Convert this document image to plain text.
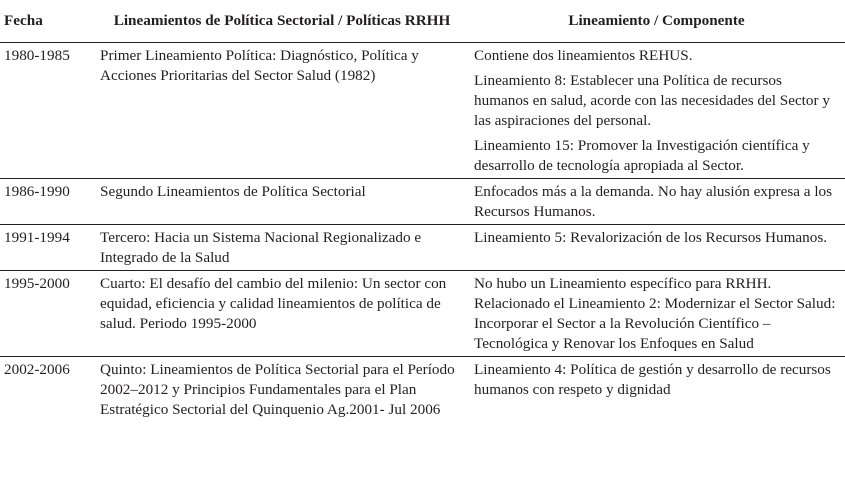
Fecha	Lineamientos de Política Sectorial / Políticas RRHH	Lineamiento / Componente
1980-1985	Primer Lineamiento Política: Diagnóstico, Política y Acciones Prioritarias del Sector Salud (1982)	Contiene dos lineamientos REHUS.
Lineamiento 8: Establecer una Política de recursos humanos en salud, acorde con las necesidades del Sector y las aspiraciones del personal.
Lineamiento 15: Promover la Investigación científica y desarrollo de tecnología apropiada al Sector.

1986-1990	Segundo Lineamientos de Política Sectorial	Enfocados más a la demanda. No hay alusión expresa a los Recursos Humanos.

1991-1994	Tercero: Hacia un Sistema Nacional Regionalizado e Integrado de la Salud	Lineamiento 5: Revalorización de los Recursos Humanos.

1995-2000	Cuarto: El desafío del cambio del milenio: Un sector con equidad, eficiencia y calidad lineamientos de política de salud. Periodo 1995-2000	No hubo un Lineamiento específico para RRHH.
Relacionado el Lineamiento 2: Modernizar el Sector Salud: Incorporar el Sector a la Revolución Científico – Tecnológica y Renovar los Enfoques en Salud

2002-2006	Quinto: Lineamientos de Política Sectorial para el Período 2002–2012 y Principios Fundamentales para el Plan Estratégico Sectorial del Quinquenio Ag.2001- Jul 2006	Lineamiento 4: Política de gestión y desarrollo de recursos humanos con respeto y dignidad
